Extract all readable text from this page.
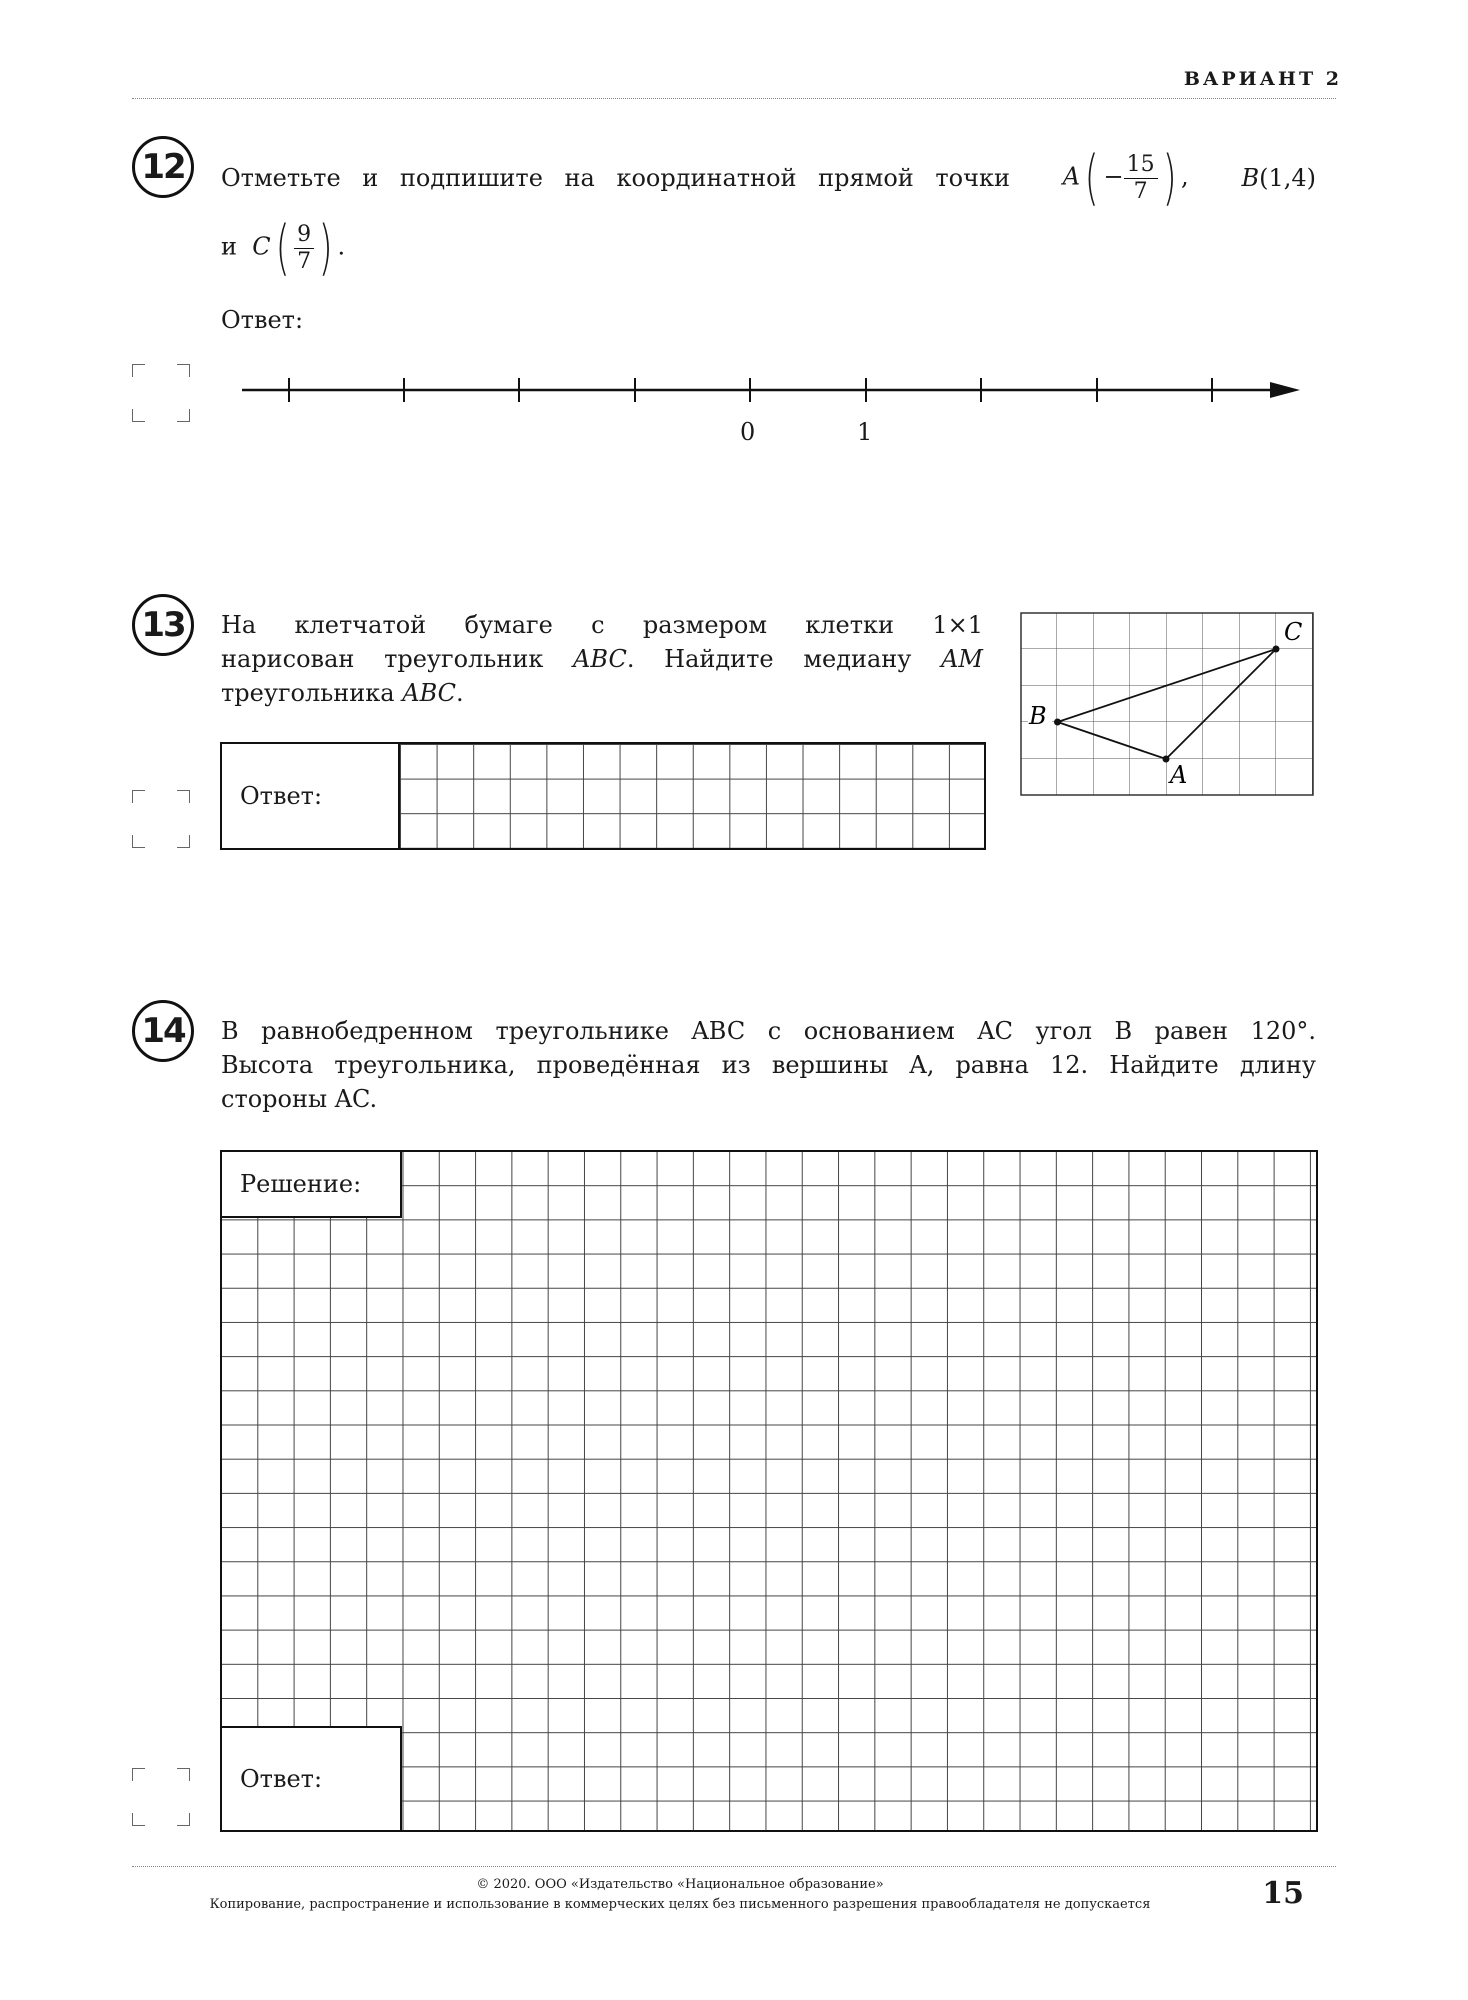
ВАРИАНТ 2
12	Отметьте и подпишите на координатной прямой точки $A( - \frac{15}{7}$ ) , B(1,4)
и $C( \frac{9}{7}$ ) .
Ответ:
0	1
13	На клетчатой бумаге с размером клетки 1×1
нарисован треугольник ABC. Найдите медиану AM
треугольника ABC.
Ответ:
B
A
C
14	В равнобедренном треугольнике ABC с основанием AC угол B равен 120°.
Высота треугольника, проведённая из вершины A, равна 12. Найдите длину
стороны AC.
Решение:
Ответ:
© 2020. ООО «Издательство «Национальное образование»
Копирование, распространение и использование в коммерческих целях без письменного разрешения правообладателя не допускается	15
